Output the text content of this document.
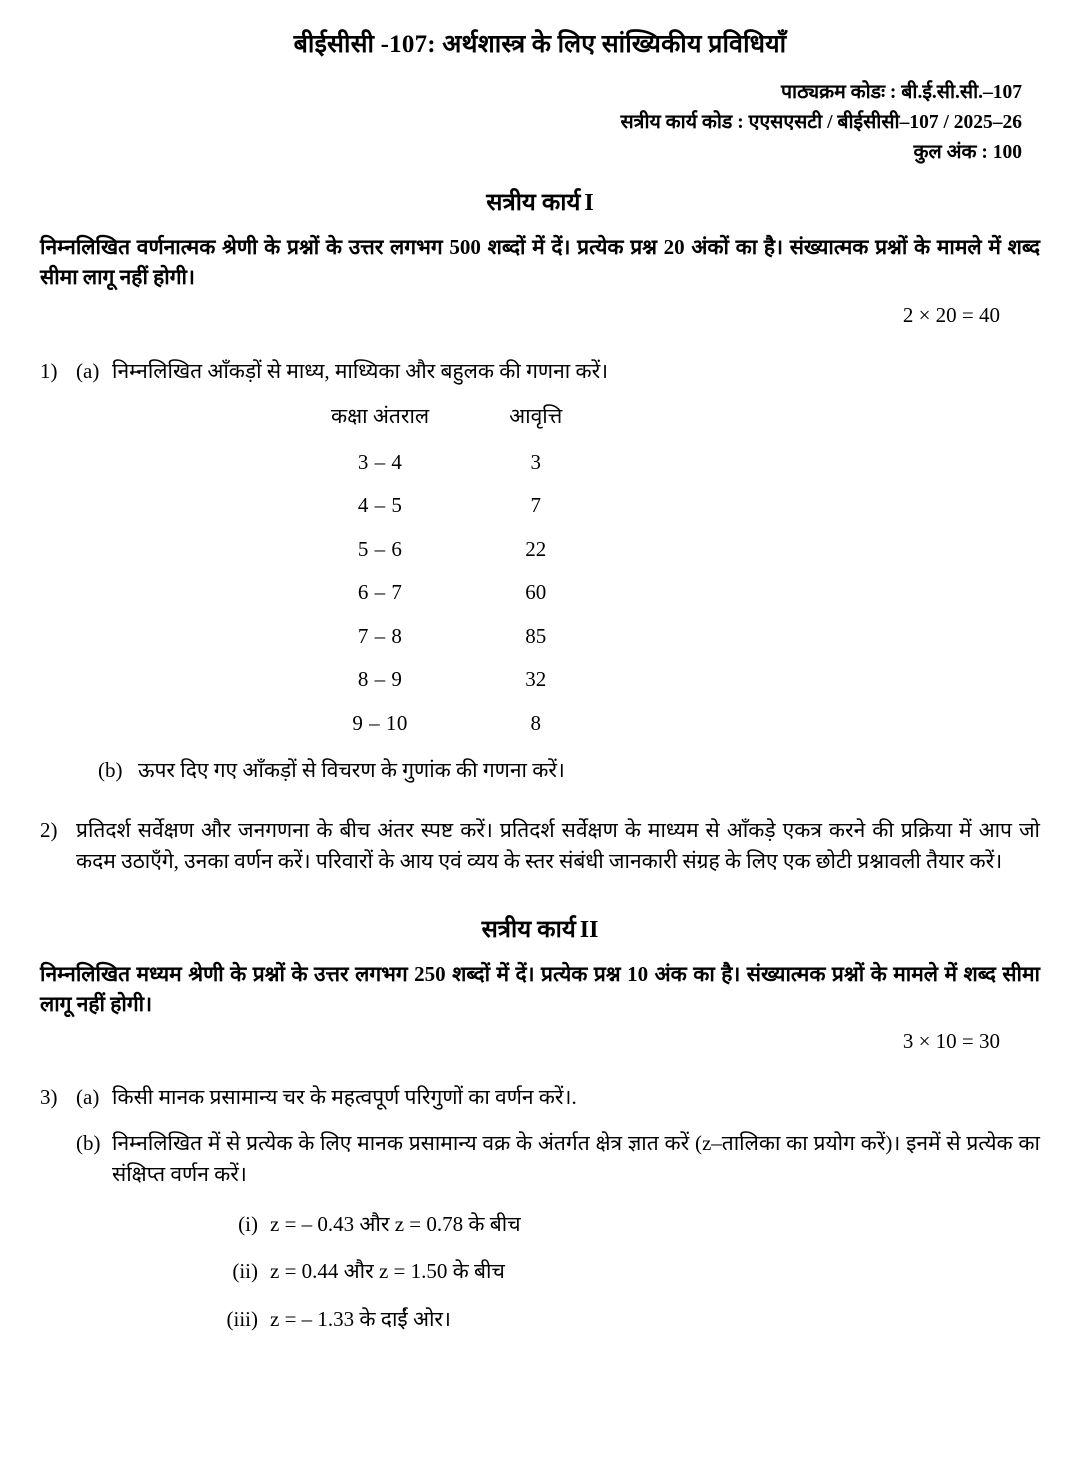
बीईसीसी -107: अर्थशास्त्र के लिए सांख्यिकीय प्रविधियाँ
पाठ्यक्रम कोडः : बी.ई.सी.सी.–107
सत्रीय कार्य कोड : एएसएसटी / बीईसीसी–107 / 2025–26
कुल अंक : 100
सत्रीय कार्य I
निम्नलिखित वर्णनात्मक श्रेणी के प्रश्नों के उत्तर लगभग 500 शब्दों में दें। प्रत्येक प्रश्न 20 अंकों का है। संख्यात्मक प्रश्नों के मामले में शब्द सीमा लागू नहीं होगी।
2 × 20 = 40
1) (a) निम्नलिखित आँकड़ों से माध्य, माध्यिका और बहुलक की गणना करें।
कक्षा अंतराल	आवृत्ति
3 – 4	3
4 – 5	7
5 – 6	22
6 – 7	60
7 – 8	85
8 – 9	32
9 – 10	8
(b) ऊपर दिए गए आँकड़ों से विचरण के गुणांक की गणना करें।
2) प्रतिदर्श सर्वेक्षण और जनगणना के बीच अंतर स्पष्ट करें। प्रतिदर्श सर्वेक्षण के माध्यम से आँकड़े एकत्र करने की प्रक्रिया में आप जो कदम उठाएँगे, उनका वर्णन करें। परिवारों के आय एवं व्यय के स्तर संबंधी जानकारी संग्रह के लिए एक छोटी प्रश्नावली तैयार करें।
सत्रीय कार्य II
निम्नलिखित मध्यम श्रेणी के प्रश्नों के उत्तर लगभग 250 शब्दों में दें। प्रत्येक प्रश्न 10 अंक का है। संख्यात्मक प्रश्नों के मामले में शब्द सीमा लागू नहीं होगी।
3 × 10 = 30
3) (a) किसी मानक प्रसामान्य चर के महत्वपूर्ण परिगुणों का वर्णन करें।.
(b) निम्नलिखित में से प्रत्येक के लिए मानक प्रसामान्य वक्र के अंतर्गत क्षेत्र ज्ञात करें (z–तालिका का प्रयोग करें)। इनमें से प्रत्येक का संक्षिप्त वर्णन करें।
(i) z = – 0.43 और z = 0.78 के बीच
(ii) z = 0.44 और z = 1.50 के बीच
(iii) z = – 1.33 के दाईं ओर।
